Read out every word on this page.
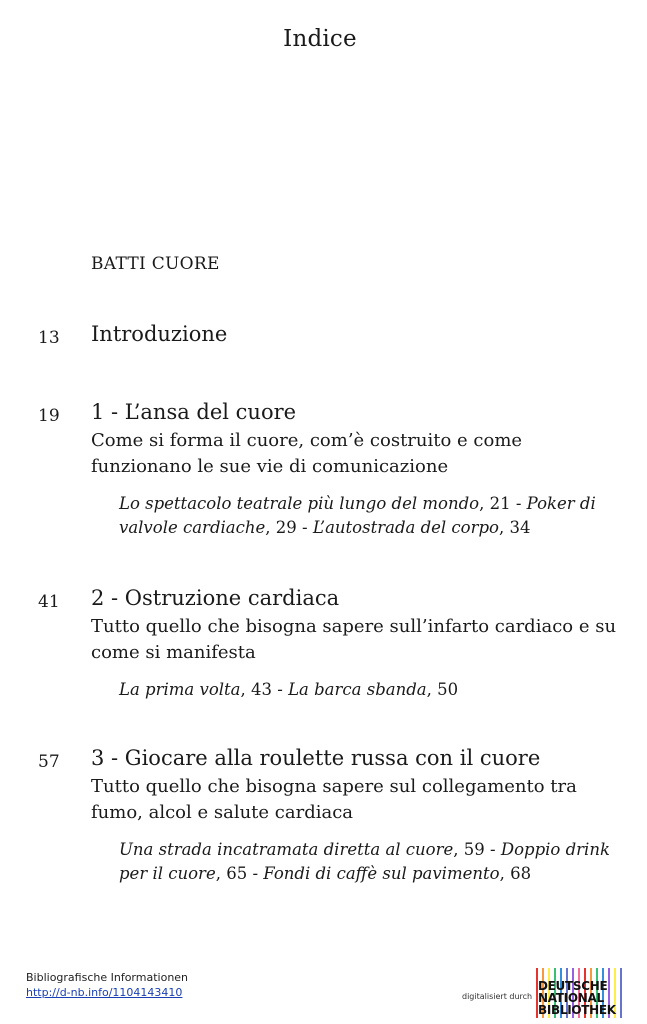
Indice
BATTI CUORE
13 Introduzione
19 1 - L’ansa del cuore
Come si forma il cuore, com’è costruito e come funzionano le sue vie di comunicazione
Lo spettacolo teatrale più lungo del mondo, 21 - Poker di valvole cardiache, 29 - L’autostrada del corpo, 34
41 2 - Ostruzione cardiaca
Tutto quello che bisogna sapere sull’infarto cardiaco e su come si manifesta
La prima volta, 43 - La barca sbanda, 50
57 3 - Giocare alla roulette russa con il cuore
Tutto quello che bisogna sapere sul collegamento tra fumo, alcol e salute cardiaca
Una strada incatramata diretta al cuore, 59 - Doppio drink per il cuore, 65 - Fondi di caffè sul pavimento, 68
Bibliografische Informationen
http://d-nb.info/1104143410	digitalisiert durch
DEUTSCHE
NATIONAL
BIBLIOTHEK
